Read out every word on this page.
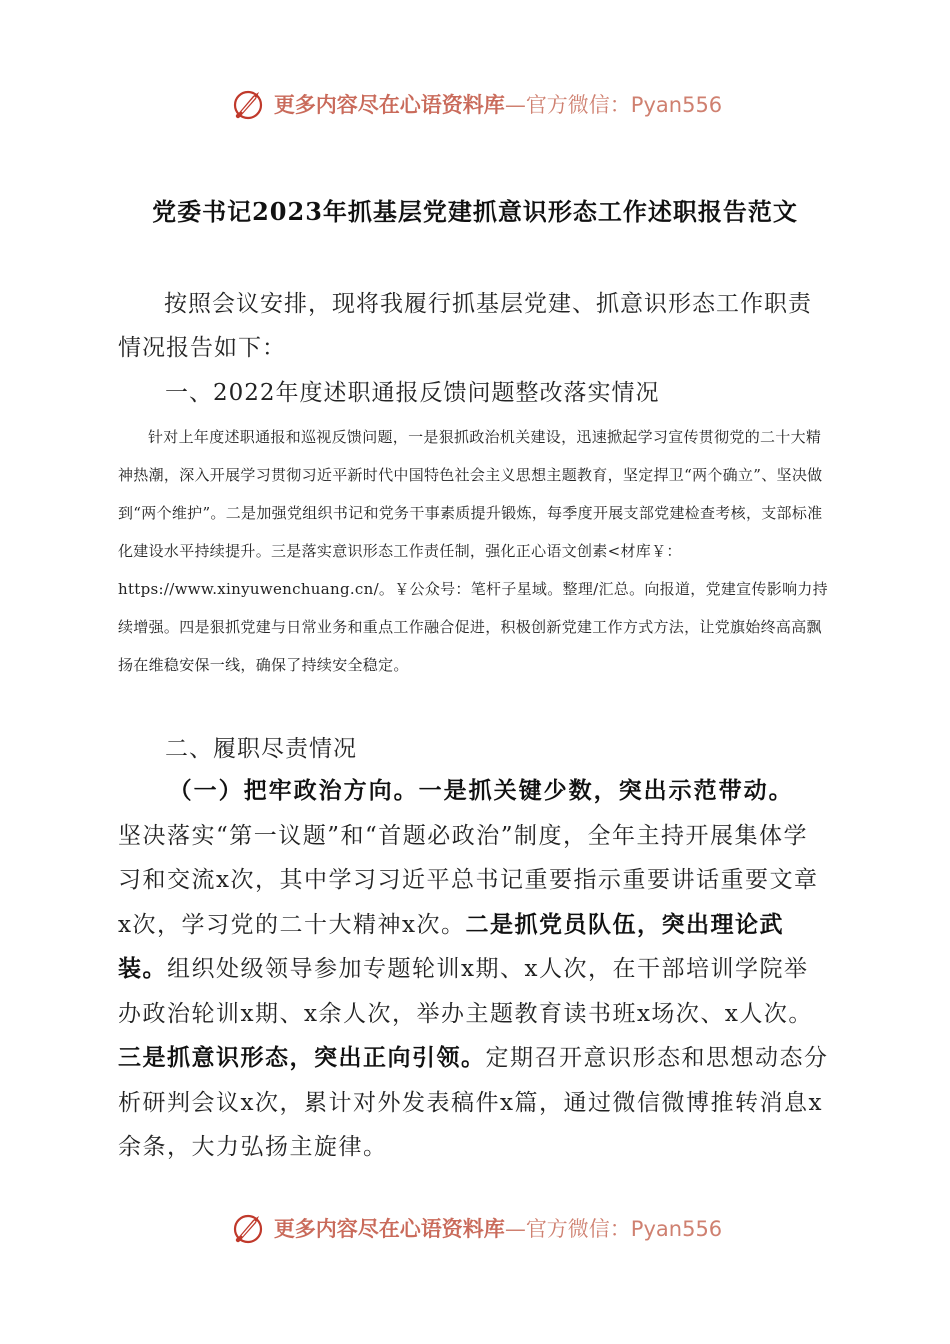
更多内容尽在心语资料库 —官方微信：Pyan556
党委书记2023年抓基层党建抓意识形态工作述职报告范文
按照会议安排，现将我履行抓基层党建、抓意识形态工作职责情况报告如下：
一、2022年度述职通报反馈问题整改落实情况
针对上年度述职通报和巡视反馈问题，一是狠抓政治机关建设，迅速掀起学习宣传贯彻党的二十大精神热潮，深入开展学习贯彻习近平新时代中国特色社会主义思想主题教育，坚定捍卫“两个确立”、坚决做到“两个维护”。二是加强党组织书记和党务干事素质提升锻炼，每季度开展支部党建检查考核，支部标准化建设水平持续提升。三是落实意识形态工作责任制，强化正心语文创素<材库￥：https://www.xinyuwenchuang.cn/。￥公众号：笔杆子星域。整理/汇总。向报道，党建宣传影响力持续增强。四是狠抓党建与日常业务和重点工作融合促进，积极创新党建工作方式方法，让党旗始终高高飘扬在维稳安保一线，确保了持续安全稳定。
二、履职尽责情况
（一）把牢政治方向。一是抓关键少数，突出示范带动。
坚决落实“第一议题”和“首题必政治”制度，全年主持开展集体学习和交流x次，其中学习习近平总书记重要指示重要讲话重要文章x次，学习党的二十大精神x次。二是抓党员队伍，突出理论武装。组织处级领导参加专题轮训x期、x人次，在干部培训学院举办政治轮训x期、x余人次，举办主题教育读书班x场次、x人次。三是抓意识形态，突出正向引领。定期召开意识形态和思想动态分析研判会议x次，累计对外发表稿件x篇，通过微信微博推转消息x余条，大力弘扬主旋律。
更多内容尽在心语资料库 —官方微信：Pyan556
